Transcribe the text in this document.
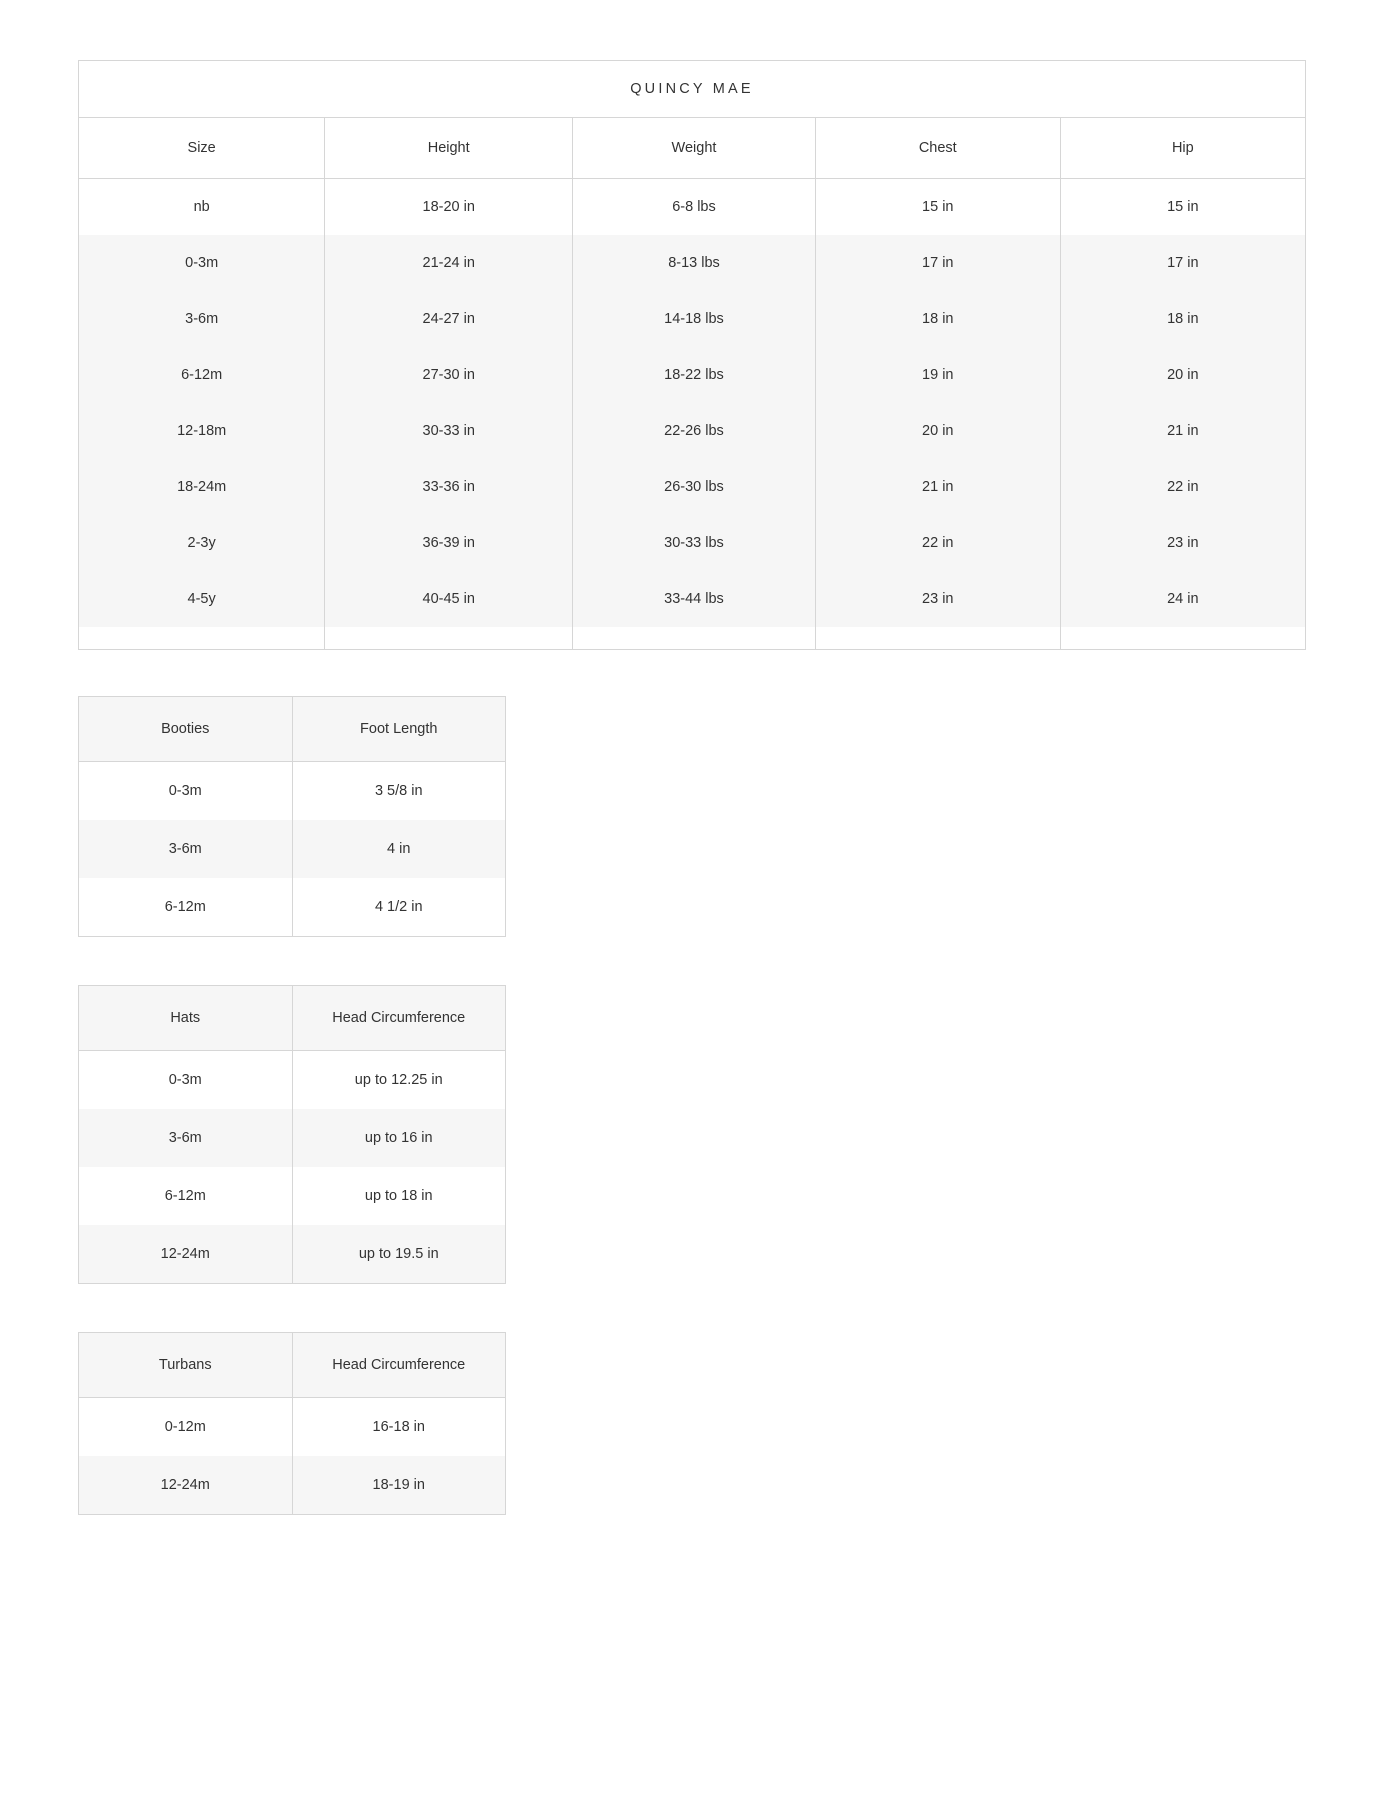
QUINCY MAE				
Size	Height	Weight	Chest	Hip
nb	18-20 in	6-8 lbs	15 in	15 in
0-3m	21-24 in	8-13 lbs	17 in	17 in
3-6m	24-27 in	14-18 lbs	18 in	18 in
6-12m	27-30 in	18-22 lbs	19 in	20 in
12-18m	30-33 in	22-26 lbs	20 in	21 in
18-24m	33-36 in	26-30 lbs	21 in	22 in
2-3y	36-39 in	30-33 lbs	22 in	23 in
4-5y	40-45 in	33-44 lbs	23 in	24 in

Booties	Foot Length
0-3m	3 5/8 in
3-6m	4 in
6-12m	4 1/2 in
Hats	Head Circumference
0-3m	up to 12.25 in
3-6m	up to 16 in
6-12m	up to 18 in
12-24m	up to 19.5 in
Turbans	Head Circumference
0-12m	16-18 in
12-24m	18-19 in
